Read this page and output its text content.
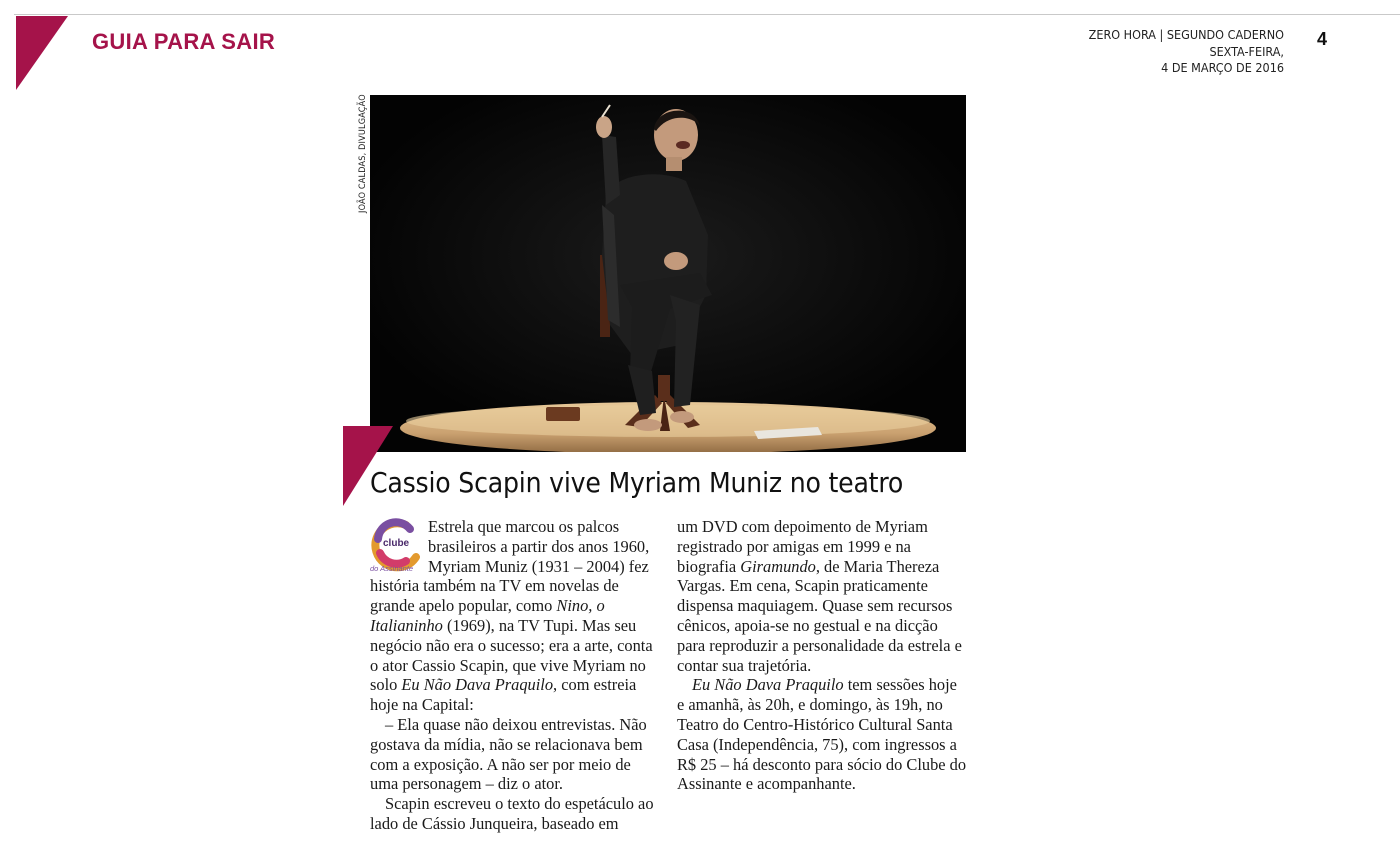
GUIA PARA SAIR	ZERO HORA | SEGUNDO CADERNO
SEXTA-FEIRA,
4 DE MARÇO DE 2016
4
JOÃO CALDAS, DIVULGAÇÃO
Cassio Scapin vive Myriam Muniz no teatro
clube
do Assinante

Estrela que marcou os palcos brasileiros a partir dos anos 1960, Myriam Muniz (1931 – 2004) fez história também na TV em novelas de grande apelo popular, como Nino, o Italianinho (1969), na TV Tupi. Mas seu negócio não era o sucesso; era a arte, conta o ator Cassio Scapin, que vive Myriam no solo Eu Não Dava Praquilo, com estreia hoje na Capital:

– Ela quase não deixou entrevistas. Não gostava da mídia, não se relacionava bem com a exposição. A não ser por meio de uma personagem – diz o ator.

Scapin escreveu o texto do espetáculo ao lado de Cássio Junqueira, baseado em

um DVD com depoimento de Myriam registrado por amigas em 1999 e na biografia Giramundo, de Maria Thereza Vargas. Em cena, Scapin praticamente dispensa maquiagem. Quase sem recursos cênicos, apoia-se no gestual e na dicção para reproduzir a personalidade da estrela e contar sua trajetória.

Eu Não Dava Praquilo tem sessões hoje e amanhã, às 20h, e domingo, às 19h, no Teatro do Centro-Histórico Cultural Santa Casa (Independência, 75), com ingressos a R$ 25 – há desconto para sócio do Clube do Assinante e acompanhante.
